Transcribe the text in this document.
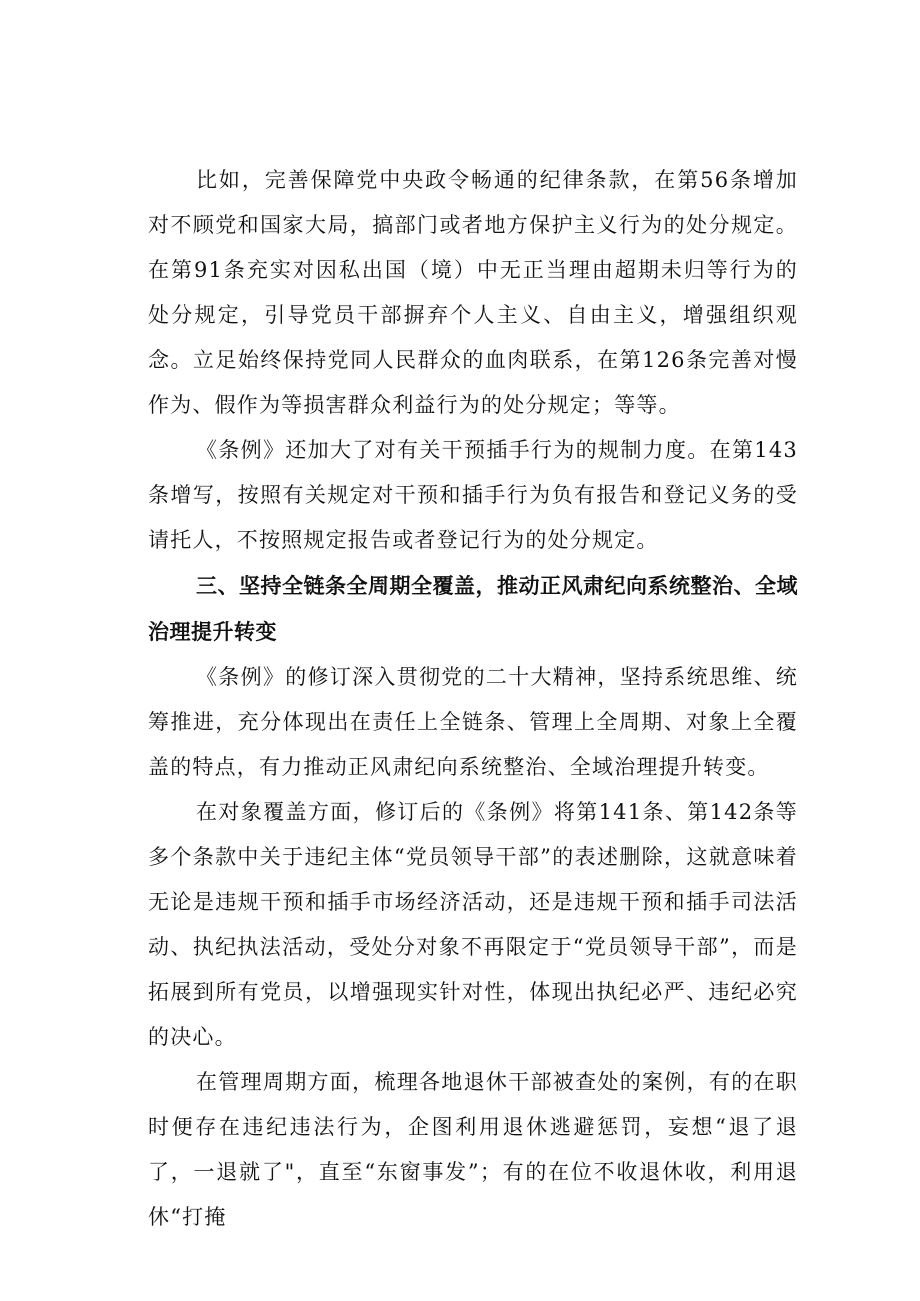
比如，完善保障党中央政令畅通的纪律条款，在第56条增加对不顾党和国家大局，搞部门或者地方保护主义行为的处分规定。在第91条充实对因私出国（境）中无正当理由超期未归等行为的处分规定，引导党员干部摒弃个人主义、自由主义，增强组织观念。立足始终保持党同人民群众的血肉联系，在第126条完善对慢作为、假作为等损害群众利益行为的处分规定；等等。

《条例》还加大了对有关干预插手行为的规制力度。在第143条增写，按照有关规定对干预和插手行为负有报告和登记义务的受请托人，不按照规定报告或者登记行为的处分规定。

三、坚持全链条全周期全覆盖，推动正风肃纪向系统整治、全域治理提升转变

《条例》的修订深入贯彻党的二十大精神，坚持系统思维、统筹推进，充分体现出在责任上全链条、管理上全周期、对象上全覆盖的特点，有力推动正风肃纪向系统整治、全域治理提升转变。

在对象覆盖方面，修订后的《条例》将第141条、第142条等多个条款中关于违纪主体“党员领导干部”的表述删除，这就意味着无论是违规干预和插手市场经济活动，还是违规干预和插手司法活动、执纪执法活动，受处分对象不再限定于“党员领导干部”，而是拓展到所有党员，以增强现实针对性，体现出执纪必严、违纪必究的决心。

在管理周期方面，梳理各地退休干部被查处的案例，有的在职时便存在违纪违法行为，企图利用退休逃避惩罚，妄想“退了退了，一退就了"，直至“东窗事发”；有的在位不收退休收，利用退休“打掩
